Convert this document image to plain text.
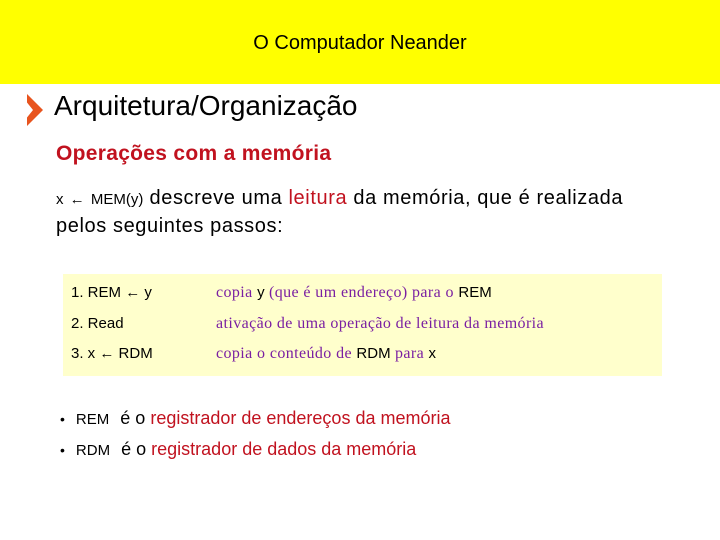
O Computador Neander
Arquitetura/Organização
Operações com a memória
x ← MEM(y) descreve uma leitura da memória, que é realizada pelos seguintes passos:
1. REM ← y	copia y (que é um endereço) para o REM
2. Read	ativação de uma operação de leitura da memória
3. x ← RDM	copia o conteúdo de RDM para x
• REM é o registrador de endereços da memória
• RDM é o registrador de dados da memória
